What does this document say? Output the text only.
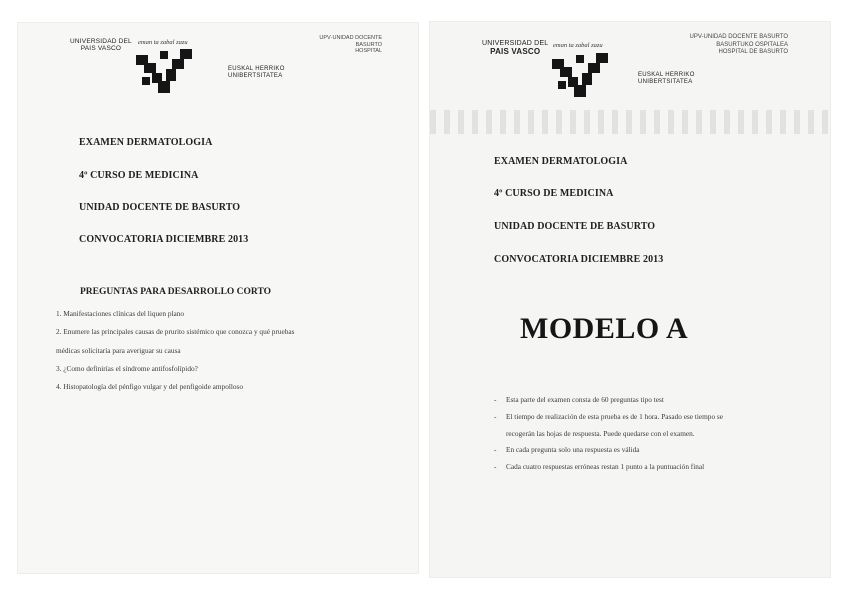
UNIVERSIDAD DEL
PAIS VASCO
eman ta zabal zazu
EUSKAL HERRIKO
UNIBERTSITATEA
UPV·UNIDAD DOCENTE
BASURTO
HOSPITAL
EXAMEN DERMATOLOGIA
4º CURSO DE MEDICINA
UNIDAD DOCENTE DE BASURTO
CONVOCATORIA DICIEMBRE 2013
PREGUNTAS PARA DESARROLLO CORTO
1. Manifestaciones clínicas del liquen plano
2. Enumere las principales causas de prurito sistémico que conozca y qué pruebas
médicas solicitaría para averiguar su causa
3. ¿Como definirías el síndrome antifosfolípido?
4. Histopatología del pénfigo vulgar y del penfigoide ampolloso
UNIVERSIDAD DEL
PAIS VASCO
eman ta zabal zazu
EUSKAL HERRIKO
UNIBERTSITATEA
UPV-UNIDAD DOCENTE BASURTO
BASURTUKO OSPITALEA
HOSPITAL DE BASURTO
EXAMEN DERMATOLOGIA
4º CURSO DE MEDICINA
UNIDAD DOCENTE DE BASURTO
CONVOCATORIA DICIEMBRE 2013
MODELO A
- Esta parte del examen consta de 60 preguntas tipo test
- El tiempo de realización de esta prueba es de 1 hora. Pasado ese tiempo se
recogerán las hojas de respuesta. Puede quedarse con el examen.
- En cada pregunta solo una respuesta es válida
- Cada cuatro respuestas erróneas restan 1 punto a la puntuación final
